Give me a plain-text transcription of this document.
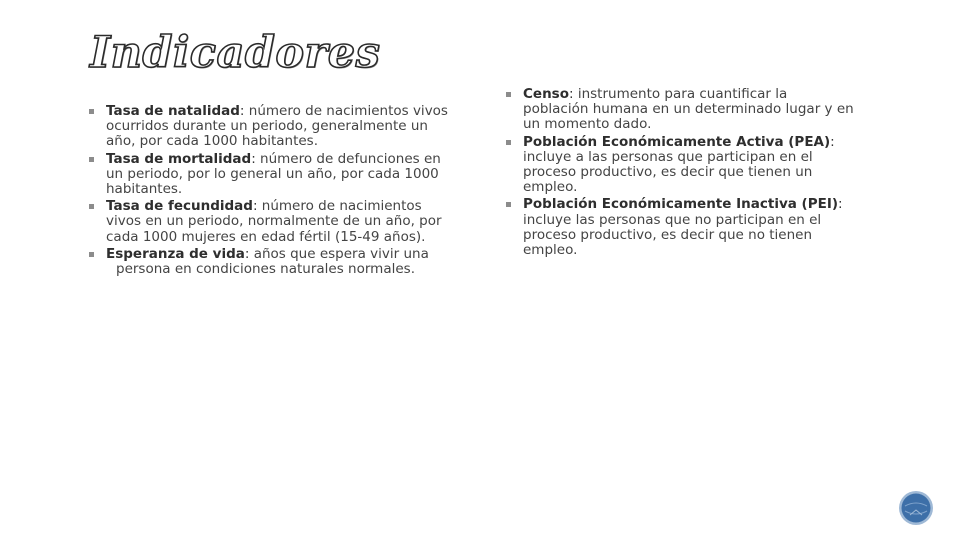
Indicadores
Tasa de natalidad: número de nacimientos vivos ocurridos durante un periodo, generalmente un año, por cada 1000 habitantes.
Tasa de mortalidad: número de defunciones en un periodo, por lo general un año, por cada 1000 habitantes.
Tasa de fecundidad: número de nacimientos vivos en un periodo, normalmente de un año, por cada 1000 mujeres en edad fértil (15-49 años).
Esperanza de vida: años que espera vivir una
persona en condiciones naturales normales.
Censo: instrumento para cuantificar la población humana en un determinado lugar y en un momento dado.
Población Económicamente Activa (PEA): incluye a las personas que participan en el proceso productivo, es decir que tienen un empleo.
Población Económicamente Inactiva (PEI): incluye las personas que no participan en el proceso productivo, es decir que no tienen empleo.
